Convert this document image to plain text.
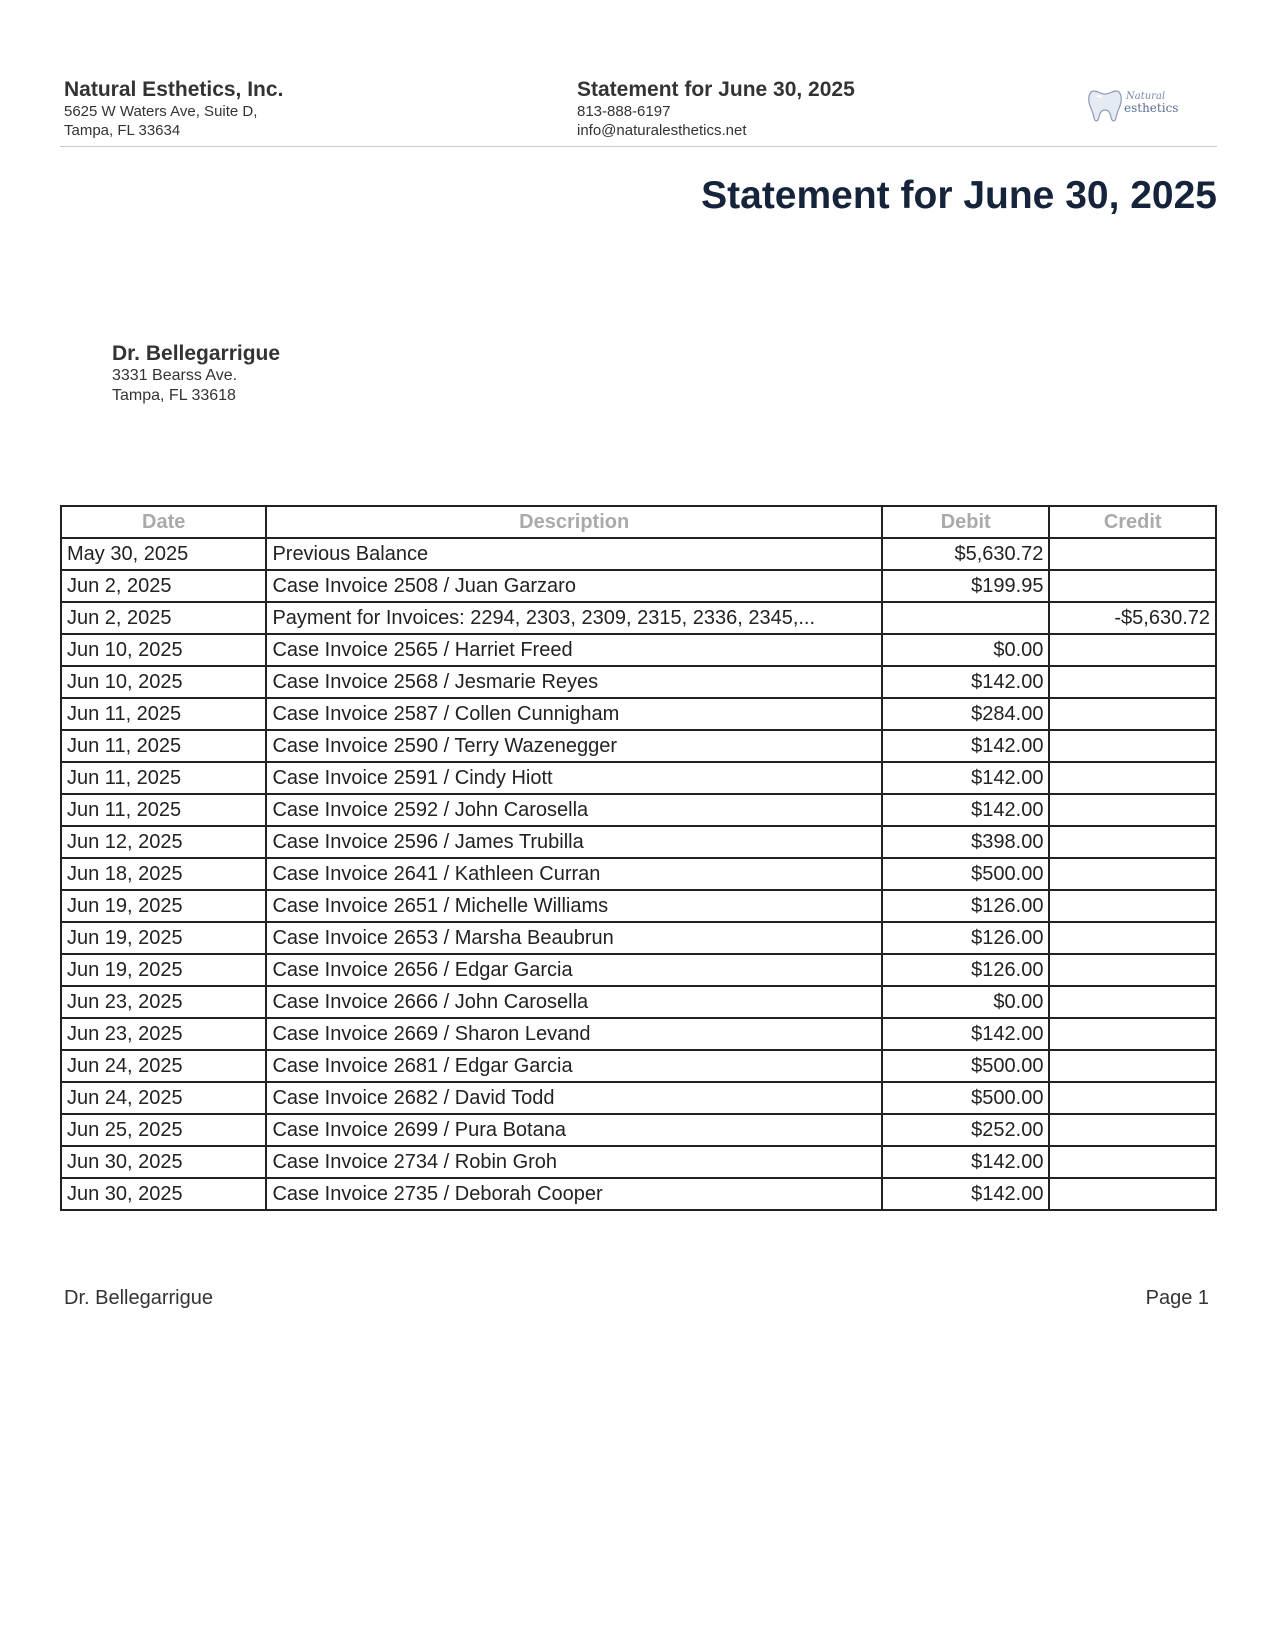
Natural Esthetics, Inc.
5625 W Waters Ave, Suite D,
Tampa, FL 33634
Statement for June 30, 2025
813-888-6197
info@naturalesthetics.net
Natural
esthetics
Statement for June 30, 2025
Dr. Bellegarrigue
3331 Bearss Ave.
Tampa, FL 33618
Date	Description	Debit	Credit
May 30, 2025	Previous Balance	$5,630.72	
Jun 2, 2025	Case Invoice 2508 / Juan Garzaro	$199.95	
Jun 2, 2025	Payment for Invoices: 2294, 2303, 2309, 2315, 2336, 2345,...		-$5,630.72
Jun 10, 2025	Case Invoice 2565 / Harriet Freed	$0.00	
Jun 10, 2025	Case Invoice 2568 / Jesmarie Reyes	$142.00	
Jun 11, 2025	Case Invoice 2587 / Collen Cunnigham	$284.00	
Jun 11, 2025	Case Invoice 2590 / Terry Wazenegger	$142.00	
Jun 11, 2025	Case Invoice 2591 / Cindy Hiott	$142.00	
Jun 11, 2025	Case Invoice 2592 / John Carosella	$142.00	
Jun 12, 2025	Case Invoice 2596 / James Trubilla	$398.00	
Jun 18, 2025	Case Invoice 2641 / Kathleen Curran	$500.00	
Jun 19, 2025	Case Invoice 2651 / Michelle Williams	$126.00	
Jun 19, 2025	Case Invoice 2653 / Marsha Beaubrun	$126.00	
Jun 19, 2025	Case Invoice 2656 / Edgar Garcia	$126.00	
Jun 23, 2025	Case Invoice 2666 / John Carosella	$0.00	
Jun 23, 2025	Case Invoice 2669 / Sharon Levand	$142.00	
Jun 24, 2025	Case Invoice 2681 / Edgar Garcia	$500.00	
Jun 24, 2025	Case Invoice 2682 / David Todd	$500.00	
Jun 25, 2025	Case Invoice 2699 / Pura Botana	$252.00	
Jun 30, 2025	Case Invoice 2734 / Robin Groh	$142.00	
Jun 30, 2025	Case Invoice 2735 / Deborah Cooper	$142.00	
Dr. Bellegarrigue	Page 1
